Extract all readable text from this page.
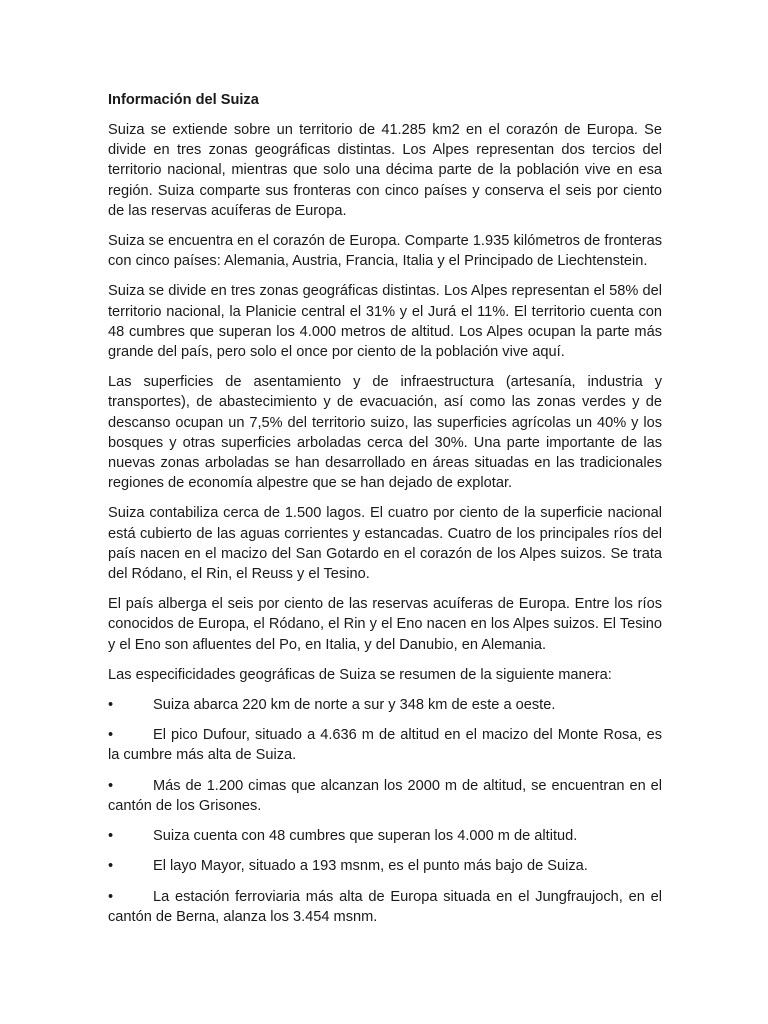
Información del Suiza

Suiza se extiende sobre un territorio de 41.285 km2 en el corazón de Europa. Se divide en tres zonas geográficas distintas. Los Alpes representan dos tercios del territorio nacional, mientras que solo una décima parte de la población vive en esa región. Suiza comparte sus fronteras con cinco países y conserva el seis por ciento de las reservas acuíferas de Europa.

Suiza se encuentra en el corazón de Europa. Comparte 1.935 kilómetros de fronteras con cinco países: Alemania, Austria, Francia, Italia y el Principado de Liechtenstein.

Suiza se divide en tres zonas geográficas distintas. Los Alpes representan el 58% del territorio nacional, la Planicie central el 31% y el Jurá el 11%. El territorio cuenta con 48 cumbres que superan los 4.000 metros de altitud. Los Alpes ocupan la parte más grande del país, pero solo el once por ciento de la población vive aquí.

Las superficies de asentamiento y de infraestructura (artesanía, industria y transportes), de abastecimiento y de evacuación, así como las zonas verdes y de descanso ocupan un 7,5% del territorio suizo, las superficies agrícolas un 40% y los bosques y otras superficies arboladas cerca del 30%. Una parte importante de las nuevas zonas arboladas se han desarrollado en áreas situadas en las tradicionales regiones de economía alpestre que se han dejado de explotar.

Suiza contabiliza cerca de 1.500 lagos. El cuatro por ciento de la superficie nacional está cubierto de las aguas corrientes y estancadas. Cuatro de los principales ríos del país nacen en el macizo del San Gotardo en el corazón de los Alpes suizos. Se trata del Ródano, el Rin, el Reuss y el Tesino.

El país alberga el seis por ciento de las reservas acuíferas de Europa. Entre los ríos conocidos de Europa, el Ródano, el Rin y el Eno nacen en los Alpes suizos. El Tesino y el Eno son afluentes del Po, en Italia, y del Danubio, en Alemania.

Las especificidades geográficas de Suiza se resumen de la siguiente manera:

•	Suiza abarca 220 km de norte a sur y 348 km de este a oeste.

•	El pico Dufour, situado a 4.636 m de altitud en el macizo del Monte Rosa, es la cumbre más alta de Suiza.

•	Más de 1.200 cimas que alcanzan los 2000 m de altitud, se encuentran en el cantón de los Grisones.

•	Suiza cuenta con 48 cumbres que superan los 4.000 m de altitud.

•	El layo Mayor, situado a 193 msnm, es el punto más bajo de Suiza.

•	La estación ferroviaria más alta de Europa situada en el Jungfraujoch, en el cantón de Berna, alanza los 3.454 msnm.
